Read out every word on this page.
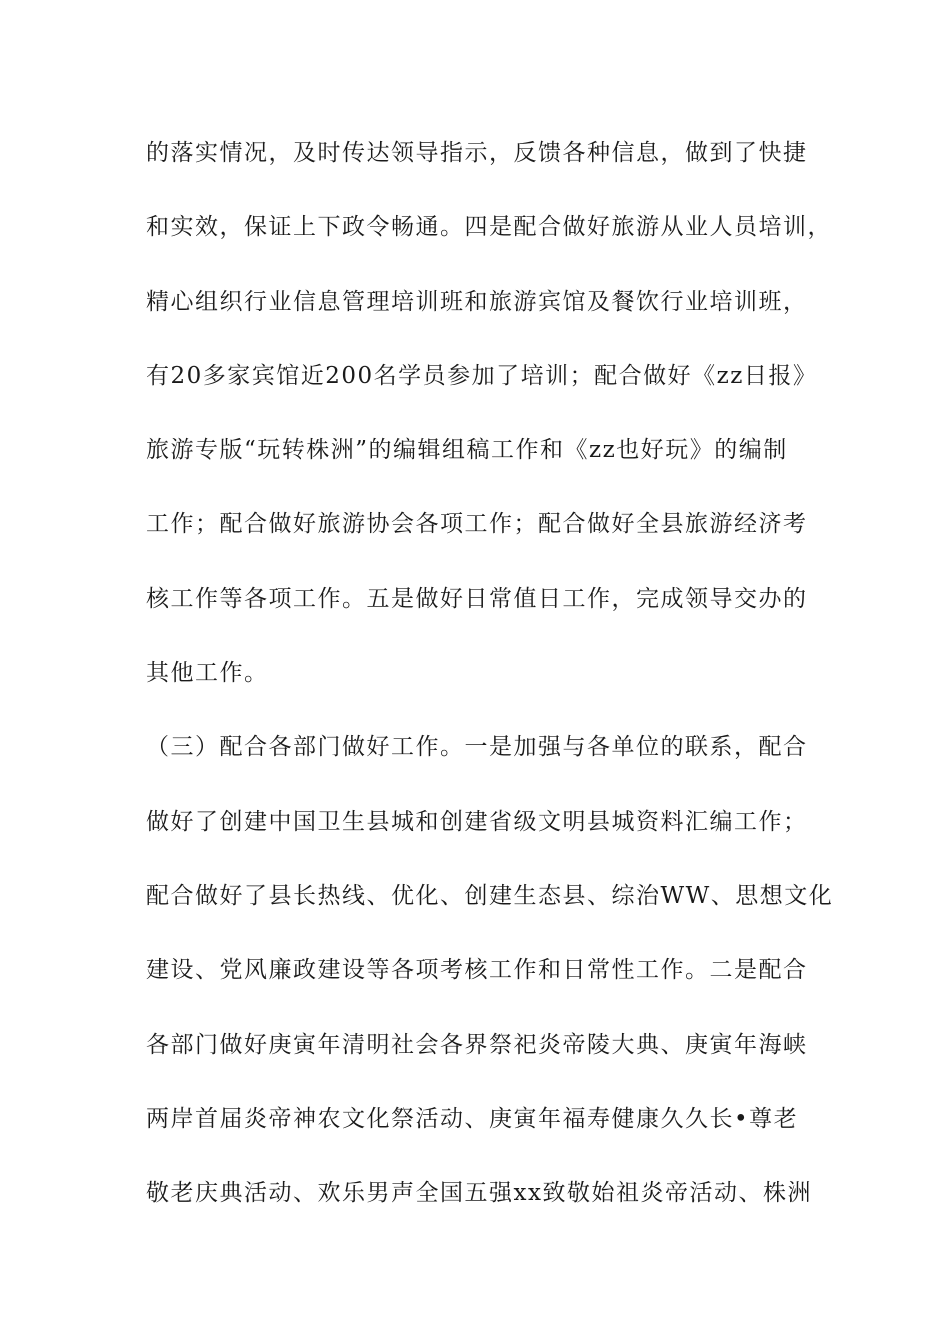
的落实情况，及时传达领导指示，反馈各种信息，做到了快捷
和实效，保证上下政令畅通。四是配合做好旅游从业人员培训，
精心组织行业信息管理培训班和旅游宾馆及餐饮行业培训班，
有20多家宾馆近200名学员参加了培训；配合做好《zz日报》
旅游专版“玩转株洲”的编辑组稿工作和《zz也好玩》的编制
工作；配合做好旅游协会各项工作；配合做好全县旅游经济考
核工作等各项工作。五是做好日常值日工作，完成领导交办的
其他工作。
（三）配合各部门做好工作。一是加强与各单位的联系，配合
做好了创建中国卫生县城和创建省级文明县城资料汇编工作；
配合做好了县长热线、优化、创建生态县、综治WW、思想文化
建设、党风廉政建设等各项考核工作和日常性工作。二是配合
各部门做好庚寅年清明社会各界祭祀炎帝陵大典、庚寅年海峡
两岸首届炎帝神农文化祭活动、庚寅年福寿健康久久长•尊老
敬老庆典活动、欢乐男声全国五强xx致敬始祖炎帝活动、株洲
